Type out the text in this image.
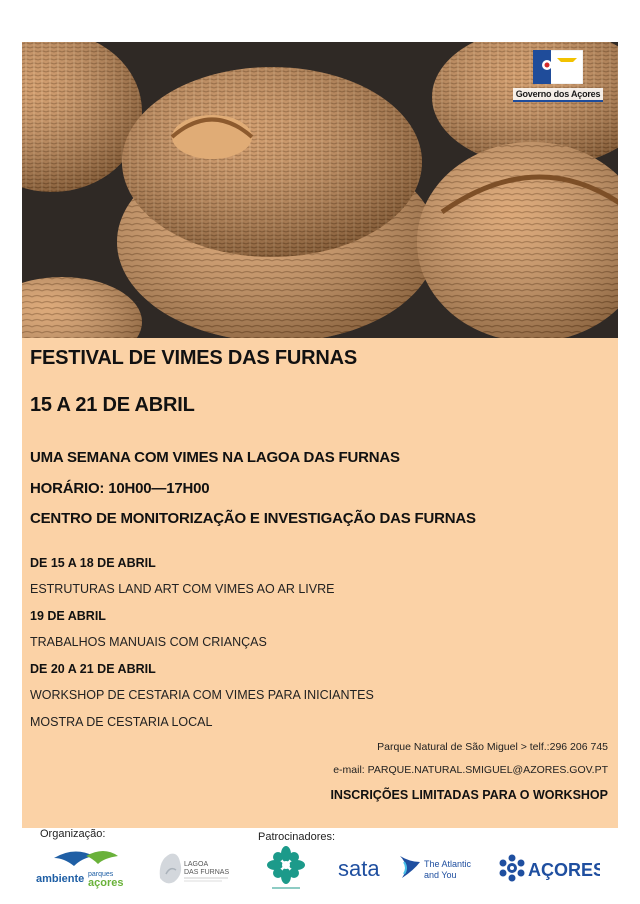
Governo dos Açores
FESTIVAL DE VIMES DAS FURNAS
15 A 21 DE ABRIL
UMA SEMANA COM VIMES NA LAGOA DAS FURNAS
HORÁRIO: 10H00—17H00
CENTRO DE MONITORIZAÇÃO E INVESTIGAÇÃO DAS FURNAS
DE 15 A 18 DE ABRIL
ESTRUTURAS LAND ART COM VIMES AO AR LIVRE
19 DE ABRIL
TRABALHOS MANUAIS COM CRIANÇAS
DE 20 A 21 DE ABRIL
WORKSHOP DE CESTARIA COM VIMES PARA INICIANTES
MOSTRA DE CESTARIA LOCAL
Parque Natural de São Miguel > telf.:296 206 745
e-mail: PARQUE.NATURAL.SMIGUEL@AZORES.GOV.PT
INSCRIÇÕES LIMITADAS PARA O WORKSHOP
Organização:	Patrocinadores:
ambiente parques
açores
LAGOA
DAS FURNAS	sata	The Atlantic
and You	AÇORES
